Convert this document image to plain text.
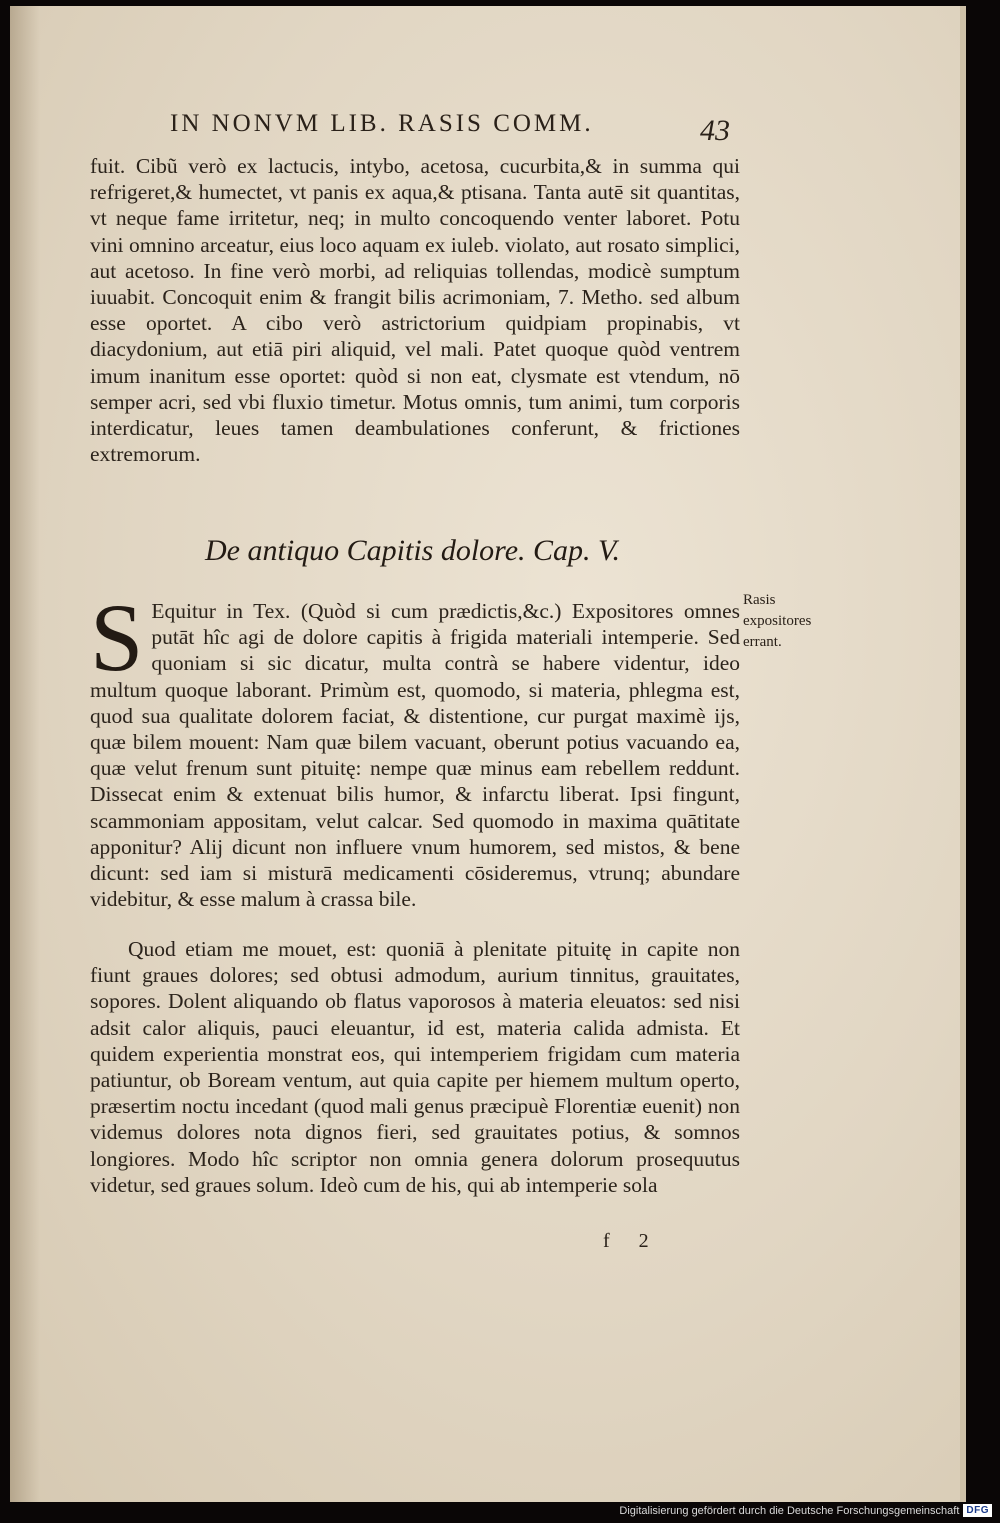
IN NONVM LIB. RASIS COMM.	43

fuit. Cibũ verò ex lactucis, intybo, acetosa, cucurbita,& in summa qui refrigeret,& humectet, vt panis ex aqua,& ptisana. Tanta autē sit quantitas, vt neque fame irritetur, neq; in multo concoquendo venter laboret. Potu vini omnino arceatur, eius loco aquam ex iuleb. violato, aut rosato simplici, aut acetoso. In fine verò morbi, ad reliquias tollendas, modicè sumptum iuuabit. Concoquit enim & frangit bilis acrimoniam, 7. Metho. sed album esse oportet. A cibo verò astrictorium quidpiam propinabis, vt diacydonium, aut etiā piri aliquid, vel mali. Patet quoque quòd ventrem imum inanitum esse oportet: quòd si non eat, clysmate est vtendum, nō semper acri, sed vbi fluxio timetur. Motus omnis, tum animi, tum corporis interdicatur, leues tamen deambulationes conferunt, & frictiones extremorum.

De antiquo Capitis dolore. Cap. V.
S Equitur in Tex. (Quòd si cum prædictis,&c.) Expositores omnes putāt hîc agi de dolore capitis à frigida materiali intemperie. Sed quoniam si sic dicatur, multa contrà se habere videntur, ideo multum quoque laborant. Primùm est, quomodo, si materia, phlegma est, quod sua qualitate dolorem faciat, & distentione, cur purgat maximè ijs, quæ bilem mouent: Nam quæ bilem vacuant, oberunt potius vacuando ea, quæ velut frenum sunt pituitę: nempe quæ minus eam rebellem reddunt. Dissecat enim & extenuat bilis humor, & infarctu liberat. Ipsi fingunt, scammoniam appositam, velut calcar. Sed quomodo in maxima quātitate apponitur? Alij dicunt non influere vnum humorem, sed mistos, & bene dicunt: sed iam si misturā medicamenti cōsideremus, vtrunq; abundare videbitur, & esse malum à crassa bile.

Quod etiam me mouet, est: quoniā à plenitate pituitę in capite non fiunt graues dolores; sed obtusi admodum, aurium tinnitus, grauitates, sopores. Dolent aliquando ob flatus vaporosos à materia eleuatos: sed nisi adsit calor aliquis, pauci eleuantur, id est, materia calida admista. Et quidem experientia monstrat eos, qui intemperiem frigidam cum materia patiuntur, ob Boream ventum, aut quia capite per hiemem multum operto, præsertim noctu incedant (quod mali genus præcipuè Florentiæ euenit) non videmus dolores nota dignos fieri, sed grauitates potius, & somnos longiores. Modo hîc scriptor non omnia genera dolorum prosequutus videtur, sed graues solum. Ideò cum de his, qui ab intemperie sola

Rasis expositores errant.
f 2
Digitalisierung gefördert durch die Deutsche Forschungsgemeinschaft DFG
